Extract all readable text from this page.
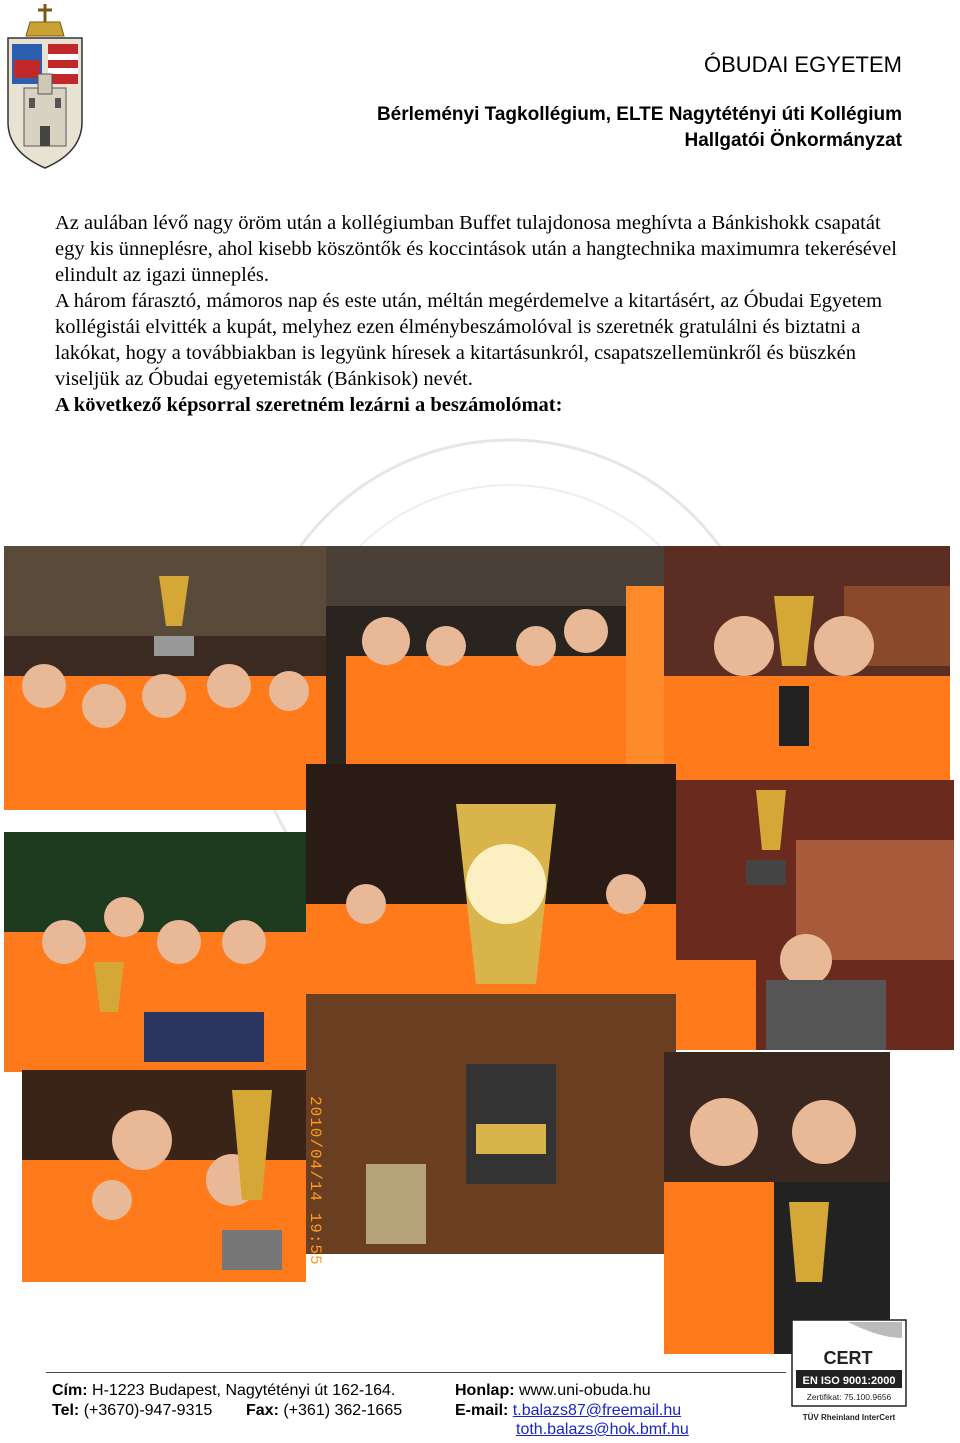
ÓBUDAI EGYETEM
Bérleményi Tagkollégium, ELTE Nagytétényi úti Kollégium
Hallgatói Önkormányzat
Az aulában lévő nagy öröm után a kollégiumban Buffet tulajdonosa meghívta a Bánkishokk csapatát egy kis ünneplésre, ahol kisebb köszöntők és koccintások után a hangtechnika maximumra tekerésével elindult az igazi ünneplés.
A három fárasztó, mámoros nap és este után, méltán megérdemelve a kitartásért, az Óbudai Egyetem kollégistái elvitték a kupát, melyhez ezen élménybeszámolóval is szeretnék gratulálni és biztatni a lakókat, hogy a továbbiakban is legyünk híresek a kitartásunkról, csapatszellemünkről és büszkén viseljük az Óbudai egyetemisták (Bánkisok) nevét.
A következő képsorral szeretném lezárni a beszámolómat:
2010/04/14 19:55
Cím: H-1223 Budapest, Nagytétényi út 162-164.
Tel: (+3670)-947-9315 Fax: (+361) 362-1665
Honlap: www.uni-obuda.hu
E-mail: t.balazs87@freemail.hu
toth.balazs@hok.bmf.hu
CERT
EN ISO 9001:2000
Zertifikat: 75.100.9656
TÜV Rheinland InterCert
